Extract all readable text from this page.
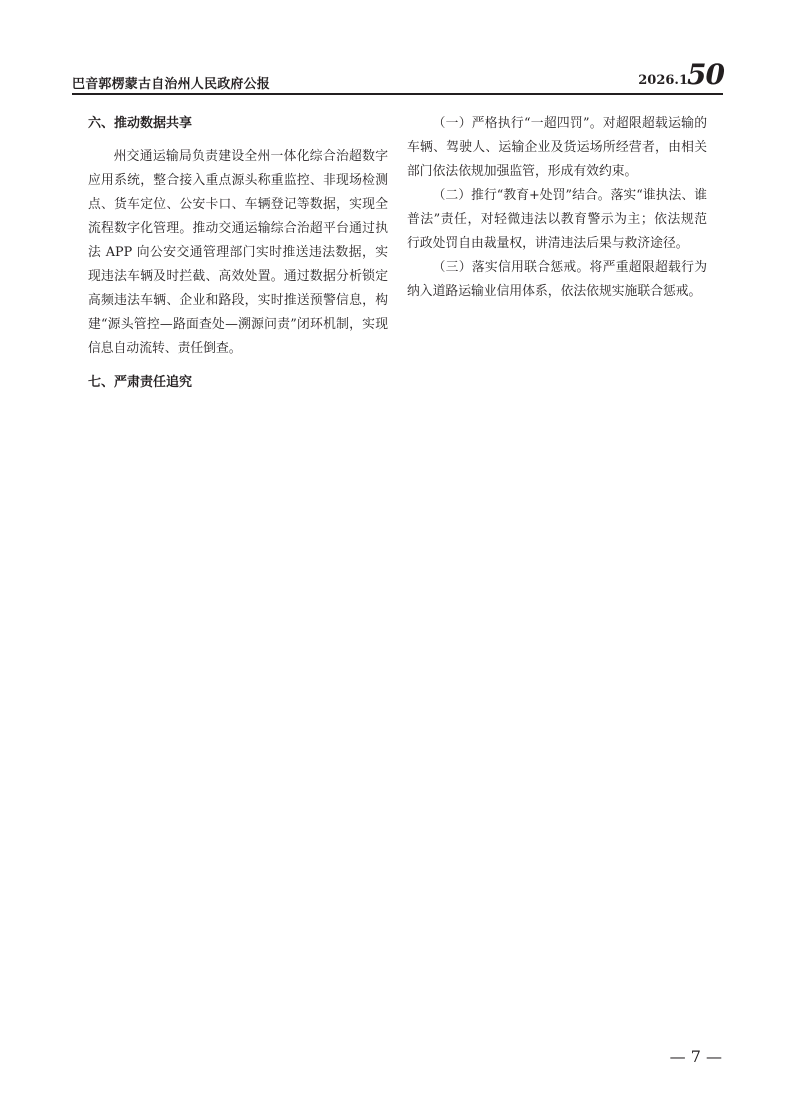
巴音郭楞蒙古自治州人民政府公报	2026.1 50

六、推动数据共享

州交通运输局负责建设全州一体化综合治超数字应用系统，整合接入重点源头称重监控、非现场检测点、货车定位、公安卡口、车辆登记等数据，实现全流程数字化管理。推动交通运输综合治超平台通过执法 APP 向公安交通管理部门实时推送违法数据，实现违法车辆及时拦截、高效处置。通过数据分析锁定高频违法车辆、企业和路段，实时推送预警信息，构建“源头管控—路面查处—溯源问责”闭环机制，实现信息自动流转、责任倒查。

七、严肃责任追究

（一）严格执行“一超四罚”。对超限超载运输的车辆、驾驶人、运输企业及货运场所经营者，由相关部门依法依规加强监管，形成有效约束。

（二）推行“教育+处罚”结合。落实“谁执法、谁普法”责任，对轻微违法以教育警示为主；依法规范行政处罚自由裁量权，讲清违法后果与救济途径。

（三）落实信用联合惩戒。将严重超限超载行为纳入道路运输业信用体系，依法依规实施联合惩戒。

— 7 —
